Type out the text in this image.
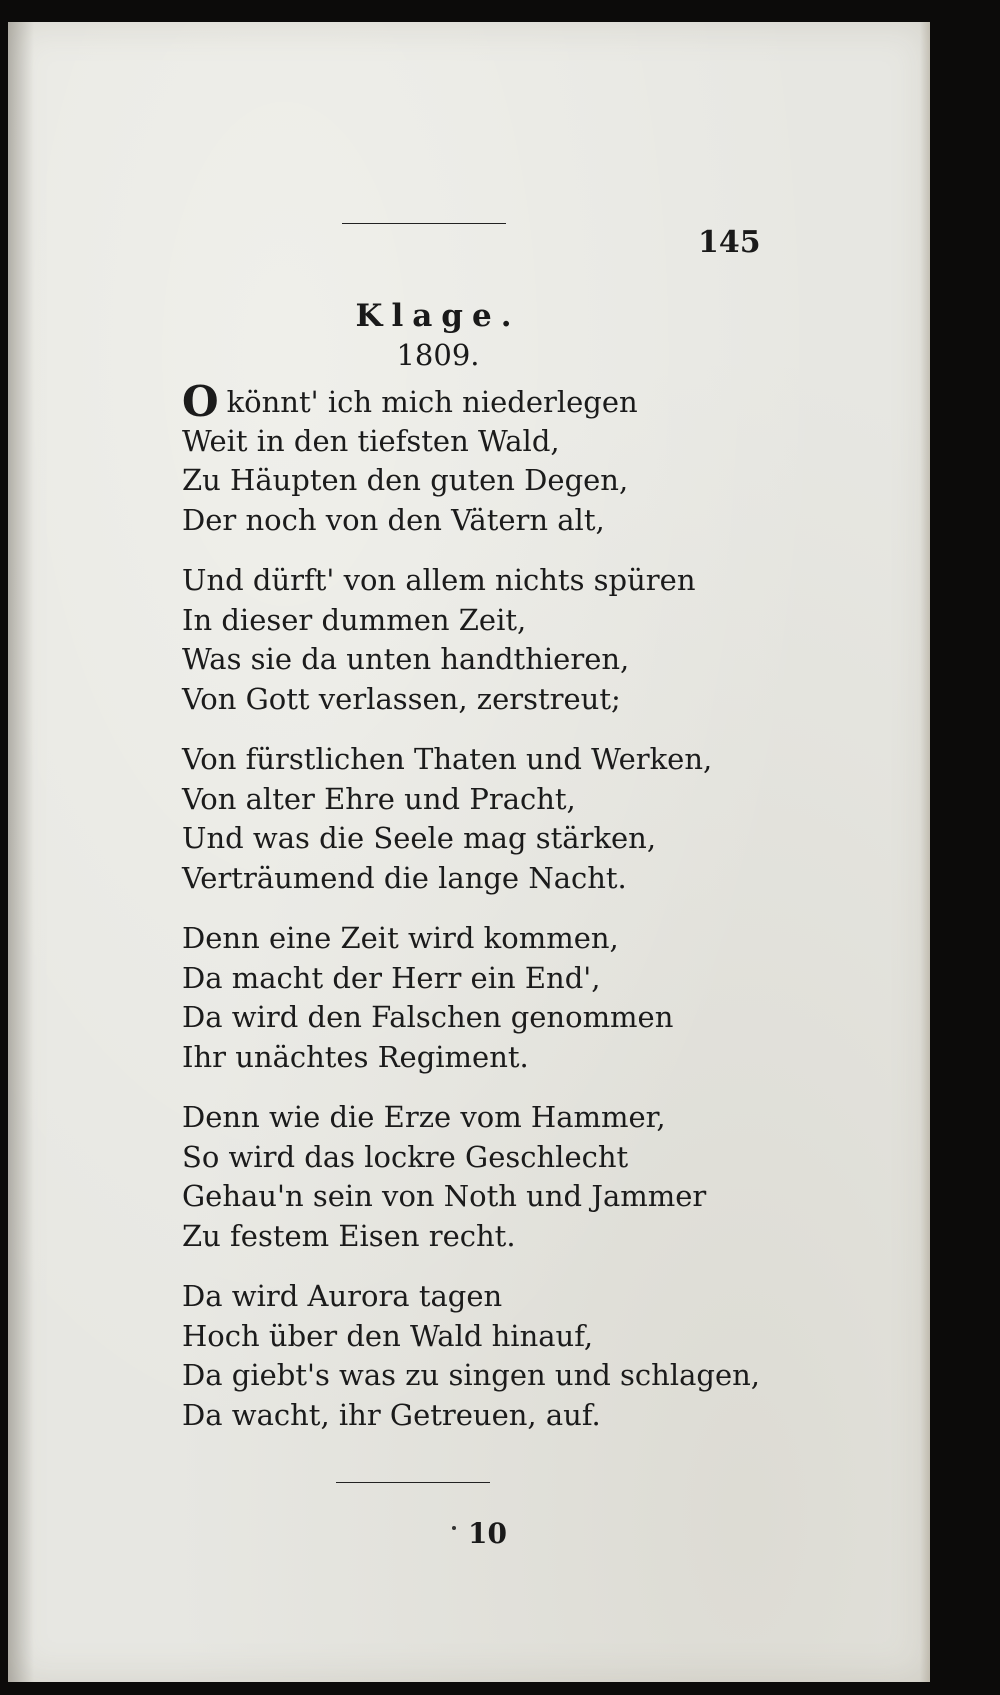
145
Klage.
1809.
O könnt' ich mich niederlegen
Weit in den tiefsten Wald,
Zu Häupten den guten Degen,
Der noch von den Vätern alt,
Und dürft' von allem nichts spüren
In dieser dummen Zeit,
Was sie da unten handthieren,
Von Gott verlassen, zerstreut;
Von fürstlichen Thaten und Werken,
Von alter Ehre und Pracht,
Und was die Seele mag stärken,
Verträumend die lange Nacht.
Denn eine Zeit wird kommen,
Da macht der Herr ein End',
Da wird den Falschen genommen
Ihr unächtes Regiment.
Denn wie die Erze vom Hammer,
So wird das lockre Geschlecht
Gehau'n sein von Noth und Jammer
Zu festem Eisen recht.
Da wird Aurora tagen
Hoch über den Wald hinauf,
Da giebt's was zu singen und schlagen,
Da wacht, ihr Getreuen, auf.
10
